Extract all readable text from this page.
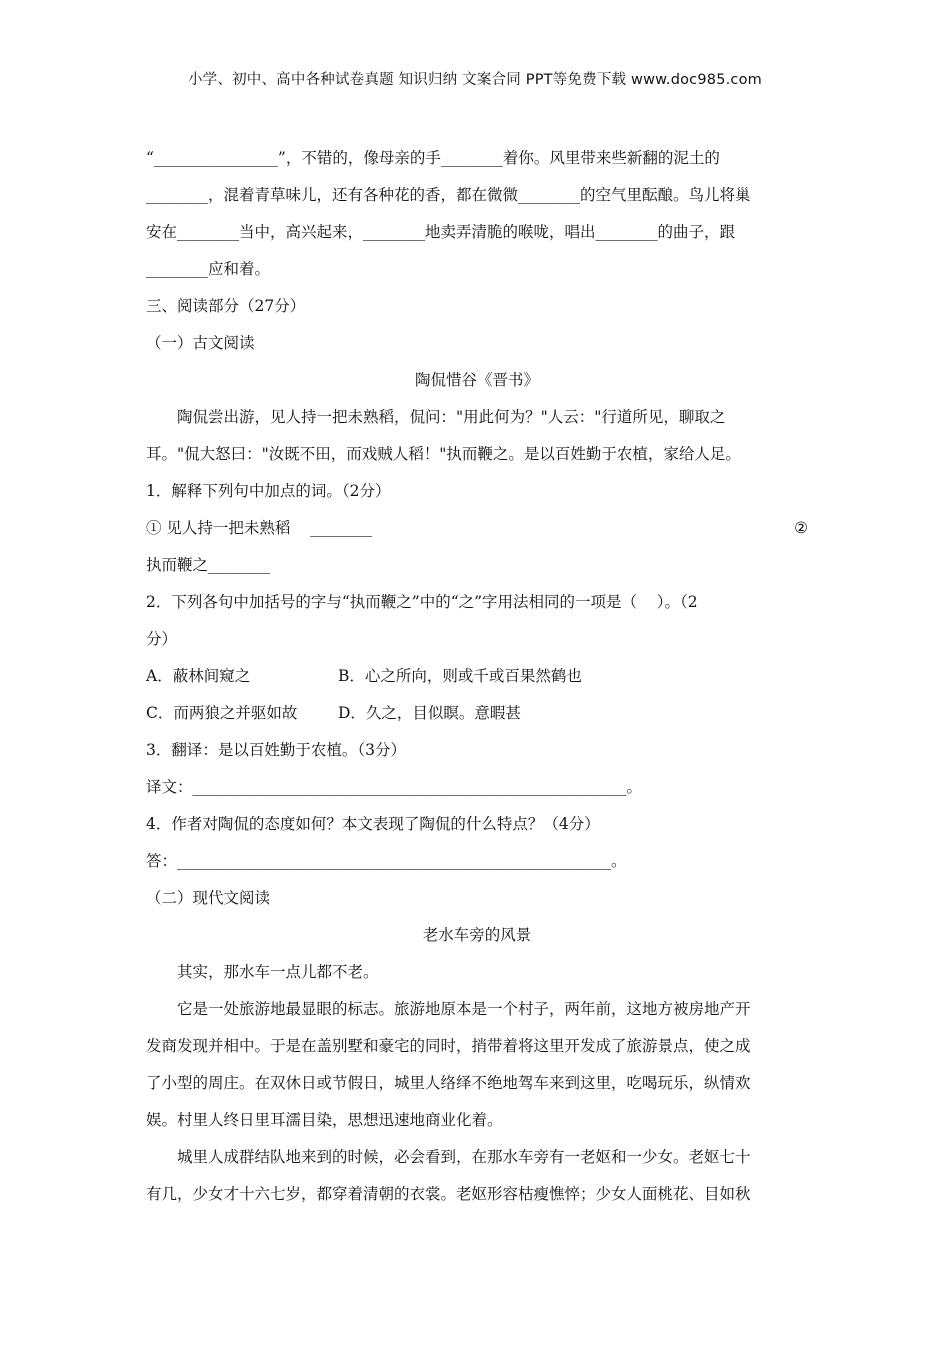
小学、初中、高中各种试卷真题 知识归纳 文案合同 PPT等免费下载 www.doc985.com
“________________”，不错的，像母亲的手________着你。风里带来些新翻的泥土的
________，混着青草味儿，还有各种花的香，都在微微________的空气里酝酿。鸟儿将巢
安在________当中，高兴起来，________地卖弄清脆的喉咙，唱出________的曲子，跟
________应和着。
三、阅读部分（27分）
（一）古文阅读
陶侃惜谷《晋书》
陶侃尝出游，见人持一把未熟稻，侃问："用此何为？"人云："行道所见，聊取之
耳。"侃大怒曰："汝既不田，而戏贼人稻！"执而鞭之。是以百姓勤于农植，家给人足。
1．解释下列句中加点的词。（2分）
① 见人持一把未熟稻    ________	②
执而鞭之________
2．下列各句中加括号的字与“执而鞭之”中的“之”字用法相同的一项是（    ）。（2
分）
A．蔽林间窥之	B．心之所向，则或千或百果然鹤也
C．而两狼之并驱如故	D．久之，目似瞑。意暇甚
3．翻译：是以百姓勤于农植。（3分）
译文：________________________________________________________。
4．作者对陶侃的态度如何？本文表现了陶侃的什么特点？（4分）
答：________________________________________________________。
（二）现代文阅读
老水车旁的风景
其实，那水车一点儿都不老。
它是一处旅游地最显眼的标志。旅游地原本是一个村子，两年前，这地方被房地产开
发商发现并相中。于是在盖别墅和豪宅的同时，捎带着将这里开发成了旅游景点，使之成
了小型的周庄。在双休日或节假日，城里人络绎不绝地驾车来到这里，吃喝玩乐，纵情欢
娱。村里人终日里耳濡目染，思想迅速地商业化着。
城里人成群结队地来到的时候，必会看到，在那水车旁有一老妪和一少女。老妪七十
有几，少女才十六七岁，都穿着清朝的衣裳。老妪形容枯瘦憔悴；少女人面桃花、目如秋
